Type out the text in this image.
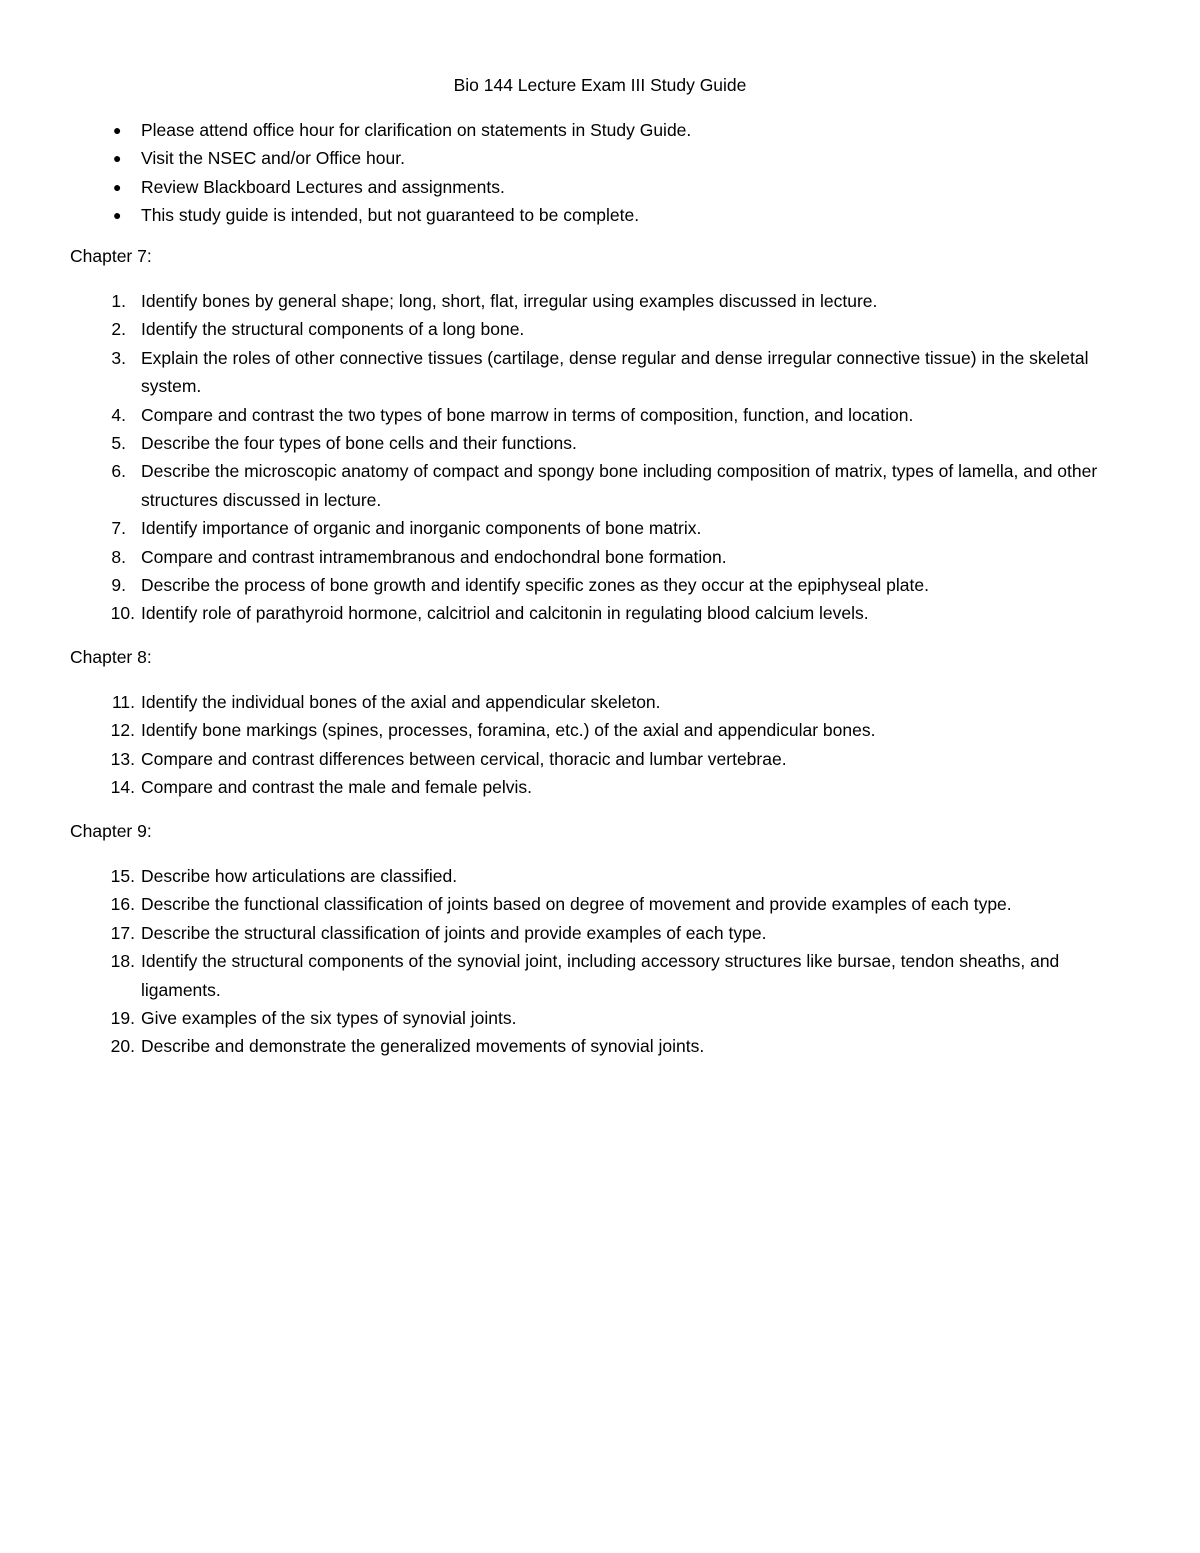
Bio 144 Lecture Exam III Study Guide
● Please attend office hour for clarification on statements in Study Guide.
● Visit the NSEC and/or Office hour.
● Review Blackboard Lectures and assignments.
● This study guide is intended, but not guaranteed to be complete.
Chapter 7:
1. Identify bones by general shape; long, short, flat, irregular using examples discussed in lecture.
2. Identify the structural components of a long bone.
3. Explain the roles of other connective tissues (cartilage, dense regular and dense irregular connective tissue) in the skeletal system.
4. Compare and contrast the two types of bone marrow in terms of composition, function, and location.
5. Describe the four types of bone cells and their functions.
6. Describe the microscopic anatomy of compact and spongy bone including composition of matrix, types of lamella, and other structures discussed in lecture.
7. Identify importance of organic and inorganic components of bone matrix.
8. Compare and contrast intramembranous and endochondral bone formation.
9. Describe the process of bone growth and identify specific zones as they occur at the epiphyseal plate.
10. Identify role of parathyroid hormone, calcitriol and calcitonin in regulating blood calcium levels.
Chapter 8:
11. Identify the individual bones of the axial and appendicular skeleton.
12. Identify bone markings (spines, processes, foramina, etc.) of the axial and appendicular bones.
13. Compare and contrast differences between cervical, thoracic and lumbar vertebrae.
14. Compare and contrast the male and female pelvis.
Chapter 9:
15. Describe how articulations are classified.
16. Describe the functional classification of joints based on degree of movement and provide examples of each type.
17. Describe the structural classification of joints and provide examples of each type.
18. Identify the structural components of the synovial joint, including accessory structures like bursae, tendon sheaths, and ligaments.
19. Give examples of the six types of synovial joints.
20. Describe and demonstrate the generalized movements of synovial joints.
